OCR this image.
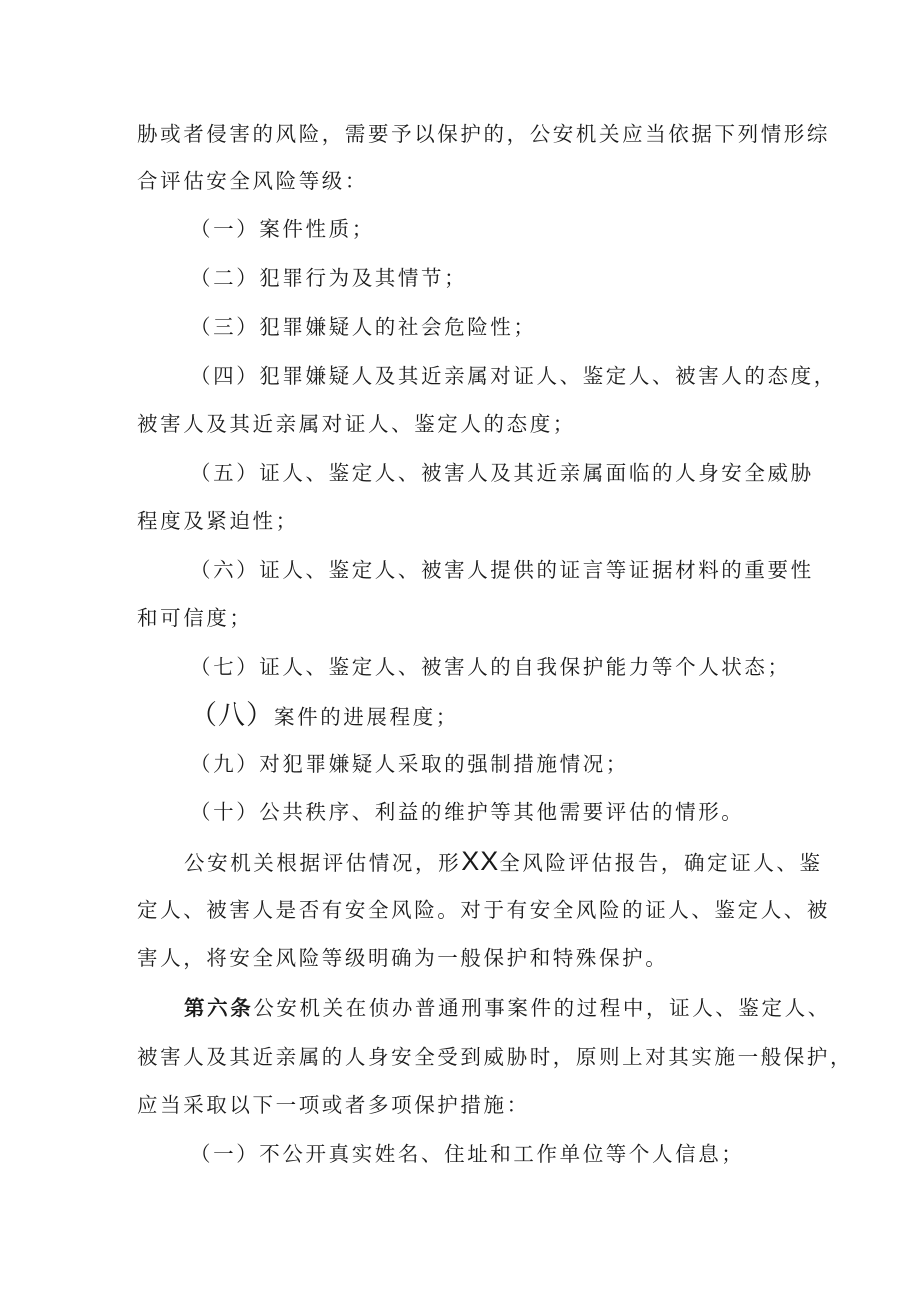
胁或者侵害的风险，需要予以保护的，公安机关应当依据下列情形综
合评估安全风险等级：
（一）案件性质；
（二）犯罪行为及其情节；
（三）犯罪嫌疑人的社会危险性；
（四）犯罪嫌疑人及其近亲属对证人、鉴定人、被害人的态度，
被害人及其近亲属对证人、鉴定人的态度；
（五）证人、鉴定人、被害人及其近亲属面临的人身安全威胁
程度及紧迫性；
（六）证人、鉴定人、被害人提供的证言等证据材料的重要性
和可信度；
（七）证人、鉴定人、被害人的自我保护能力等个人状态；
（八）案件的进展程度；
（九）对犯罪嫌疑人采取的强制措施情况；
（十）公共秩序、利益的维护等其他需要评估的情形。
公安机关根据评估情况，形XX全风险评估报告，确定证人、鉴
定人、被害人是否有安全风险。对于有安全风险的证人、鉴定人、被
害人，将安全风险等级明确为一般保护和特殊保护。
第六条公安机关在侦办普通刑事案件的过程中，证人、鉴定人、
被害人及其近亲属的人身安全受到威胁时，原则上对其实施一般保护，
应当采取以下一项或者多项保护措施：
（一）不公开真实姓名、住址和工作单位等个人信息；
